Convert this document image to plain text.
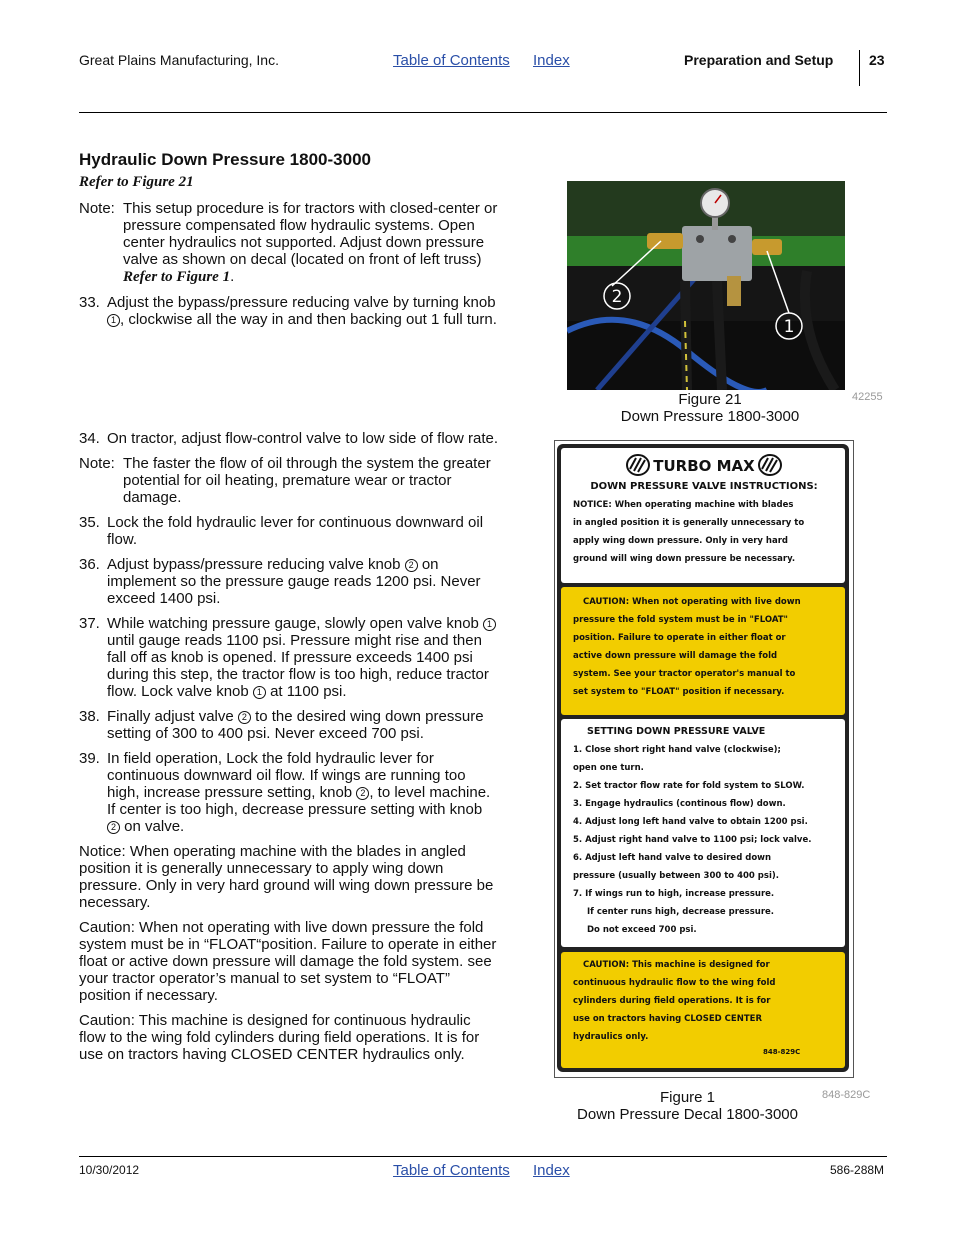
Great Plains Manufacturing, Inc.	Table of Contents Index	Preparation and Setup	23
Hydraulic Down Pressure 1800-3000
Refer to Figure 21
Note: This setup procedure is for tractors with closed-center or pressure compensated flow hydraulic systems. Open center hydraulics not supported. Adjust down pressure valve as shown on decal (located on front of left truss) Refer to Figure 1.
33. Adjust the bypass/pressure reducing valve by turning knob 1 , clockwise all the way in and then backing out 1 full turn.
34. On tractor, adjust flow-control valve to low side of flow rate.
Note: The faster the flow of oil through the system the greater potential for oil heating, premature wear or tractor damage.
35. Lock the fold hydraulic lever for continuous downward oil flow.
36. Adjust bypass/pressure reducing valve knob 2 on implement so the pressure gauge reads 1200 psi. Never exceed 1400 psi.
37. While watching pressure gauge, slowly open valve knob 1 until gauge reads 1100 psi. Pressure might rise and then fall off as knob is opened. If pressure exceeds 1400 psi during this step, the tractor flow is too high, reduce tractor flow. Lock valve knob 1 at 1100 psi.
38. Finally adjust valve 2 to the desired wing down pressure setting of 300 to 400 psi. Never exceed 700 psi.
39. In field operation, Lock the fold hydraulic lever for continuous downward oil flow. If wings are running too high, increase pressure setting, knob 2 , to level machine. If center is too high, decrease pressure setting with knob 2 on valve.

Notice: When operating machine with the blades in angled position it is generally unnecessary to apply wing down pressure. Only in very hard ground will wing down pressure be necessary.

Caution: When not operating with live down pressure the fold system must be in “FLOAT“position. Failure to operate in either float or active down pressure will damage the fold system. see your tractor operator’s manual to set system to “FLOAT” position if necessary.

Caution: This machine is designed for continuous hydraulic flow to the wing fold cylinders during field operations. It is for use on tractors having CLOSED CENTER hydraulics only.

2
1
42255
Figure 21
Down Pressure 1800-3000
TURBO MAX
DOWN PRESSURE VALVE INSTRUCTIONS:

NOTICE: When operating machine with blades

in angled position it is generally unnecessary to

apply wing down pressure. Only in very hard

ground will wing down pressure be necessary.

CAUTION: When not operating with live down

pressure the fold system must be in "FLOAT"

position. Failure to operate in either float or

active down pressure will damage the fold

system. See your tractor operator's manual to

set system to "FLOAT" position if necessary.

SETTING DOWN PRESSURE VALVE

1. Close short right hand valve (clockwise);

open one turn.

2. Set tractor flow rate for fold system to SLOW.

3. Engage hydraulics (continous flow) down.

4. Adjust long left hand valve to obtain 1200 psi.

5. Adjust right hand valve to 1100 psi; lock valve.

6. Adjust left hand valve to desired down

pressure (usually between 300 to 400 psi).

7. If wings run to high, increase pressure.

If center runs high, decrease pressure.

Do not exceed 700 psi.

CAUTION: This machine is designed for

continuous hydraulic flow to the wing fold

cylinders during field operations. It is for

use on tractors having CLOSED CENTER

hydraulics only.

848-829C

848-829C
Figure 1
Down Pressure Decal 1800-3000
10/30/2012	Table of Contents Index	586-288M
